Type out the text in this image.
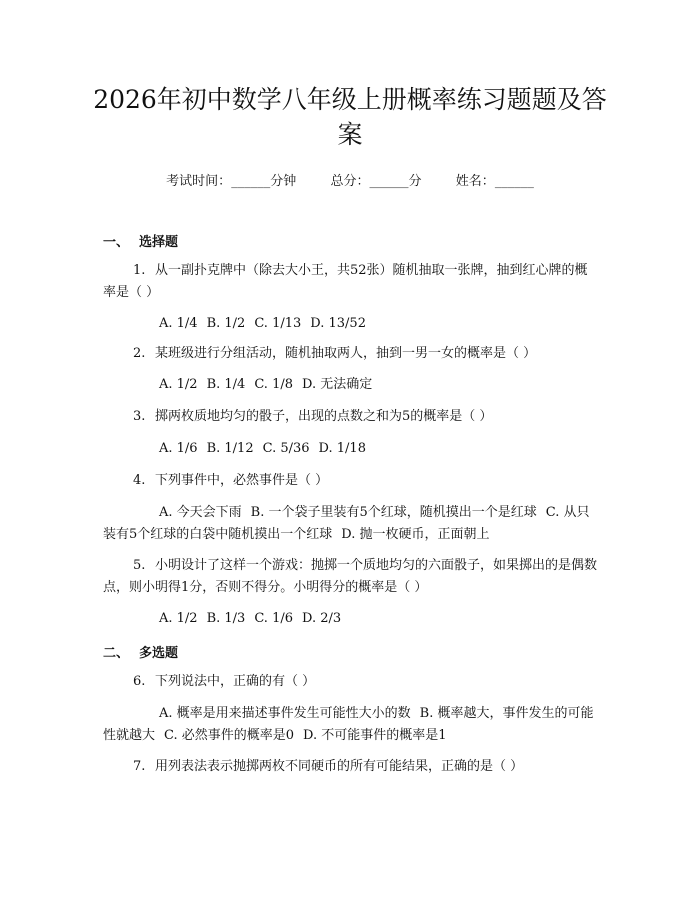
2026年初中数学八年级上册概率练习题题及答案
考试时间：______分钟	总分：______分	姓名：______
一、 选择题
1. 从一副扑克牌中（除去大小王，共52张）随机抽取一张牌，抽到红心牌的概率是（ ）
A. 1/4 B. 1/2 C. 1/13 D. 13/52
2. 某班级进行分组活动，随机抽取两人，抽到一男一女的概率是（ ）
A. 1/2 B. 1/4 C. 1/8 D. 无法确定
3. 掷两枚质地均匀的骰子，出现的点数之和为5的概率是（ ）
A. 1/6 B. 1/12 C. 5/36 D. 1/18
4. 下列事件中，必然事件是（ ）
A. 今天会下雨 B. 一个袋子里装有5个红球，随机摸出一个是红球 C. 从只装有5个红球的白袋中随机摸出一个红球 D. 抛一枚硬币，正面朝上
5. 小明设计了这样一个游戏：抛掷一个质地均匀的六面骰子，如果掷出的是偶数点，则小明得1分，否则不得分。小明得分的概率是（ ）
A. 1/2 B. 1/3 C. 1/6 D. 2/3
二、 多选题
6. 下列说法中，正确的有（ ）
A. 概率是用来描述事件发生可能性大小的数 B. 概率越大，事件发生的可能性就越大 C. 必然事件的概率是0 D. 不可能事件的概率是1
7. 用列表法表示抛掷两枚不同硬币的所有可能结果，正确的是（ ）
